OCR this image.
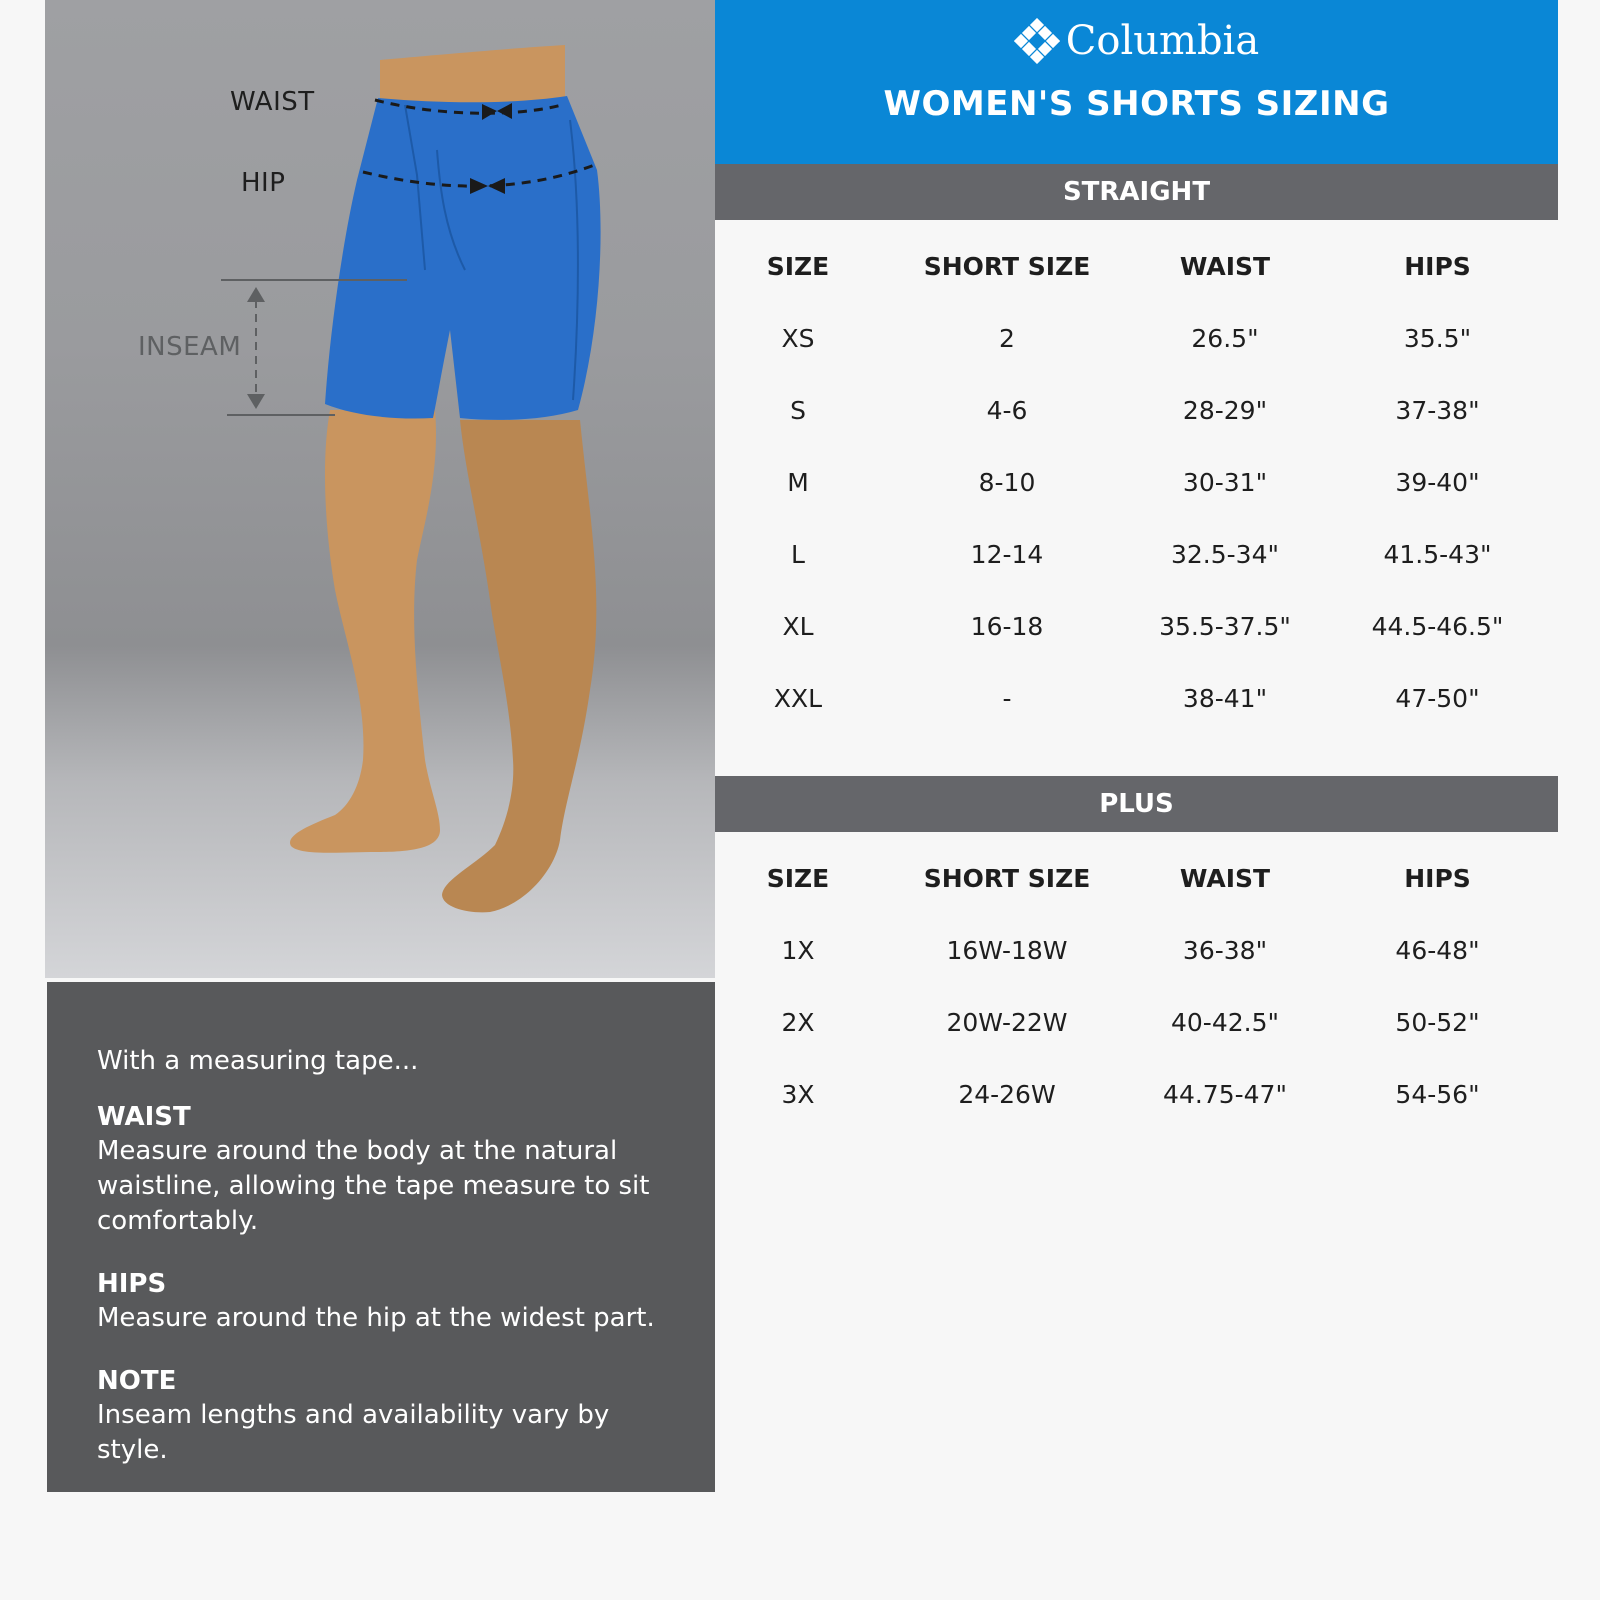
WAIST
HIP
INSEAM

With a measuring tape...

WAIST

Measure around the body at the natural waistline, allowing the tape measure to sit comfortably.

HIPS

Measure around the hip at the widest part.

NOTE

Inseam lengths and availability vary by style.

Columbia
WOMEN'S SHORTS SIZING
STRAIGHT
SIZE	SHORT SIZE	WAIST	HIPS
XS	2	26.5"	35.5"
S	4-6	28-29"	37-38"
M	8-10	30-31"	39-40"
L	12-14	32.5-34"	41.5-43"
XL	16-18	35.5-37.5"	44.5-46.5"
XXL	-	38-41"	47-50"
PLUS
SIZE	SHORT SIZE	WAIST	HIPS
1X	16W-18W	36-38"	46-48"
2X	20W-22W	40-42.5"	50-52"
3X	24-26W	44.75-47"	54-56"
